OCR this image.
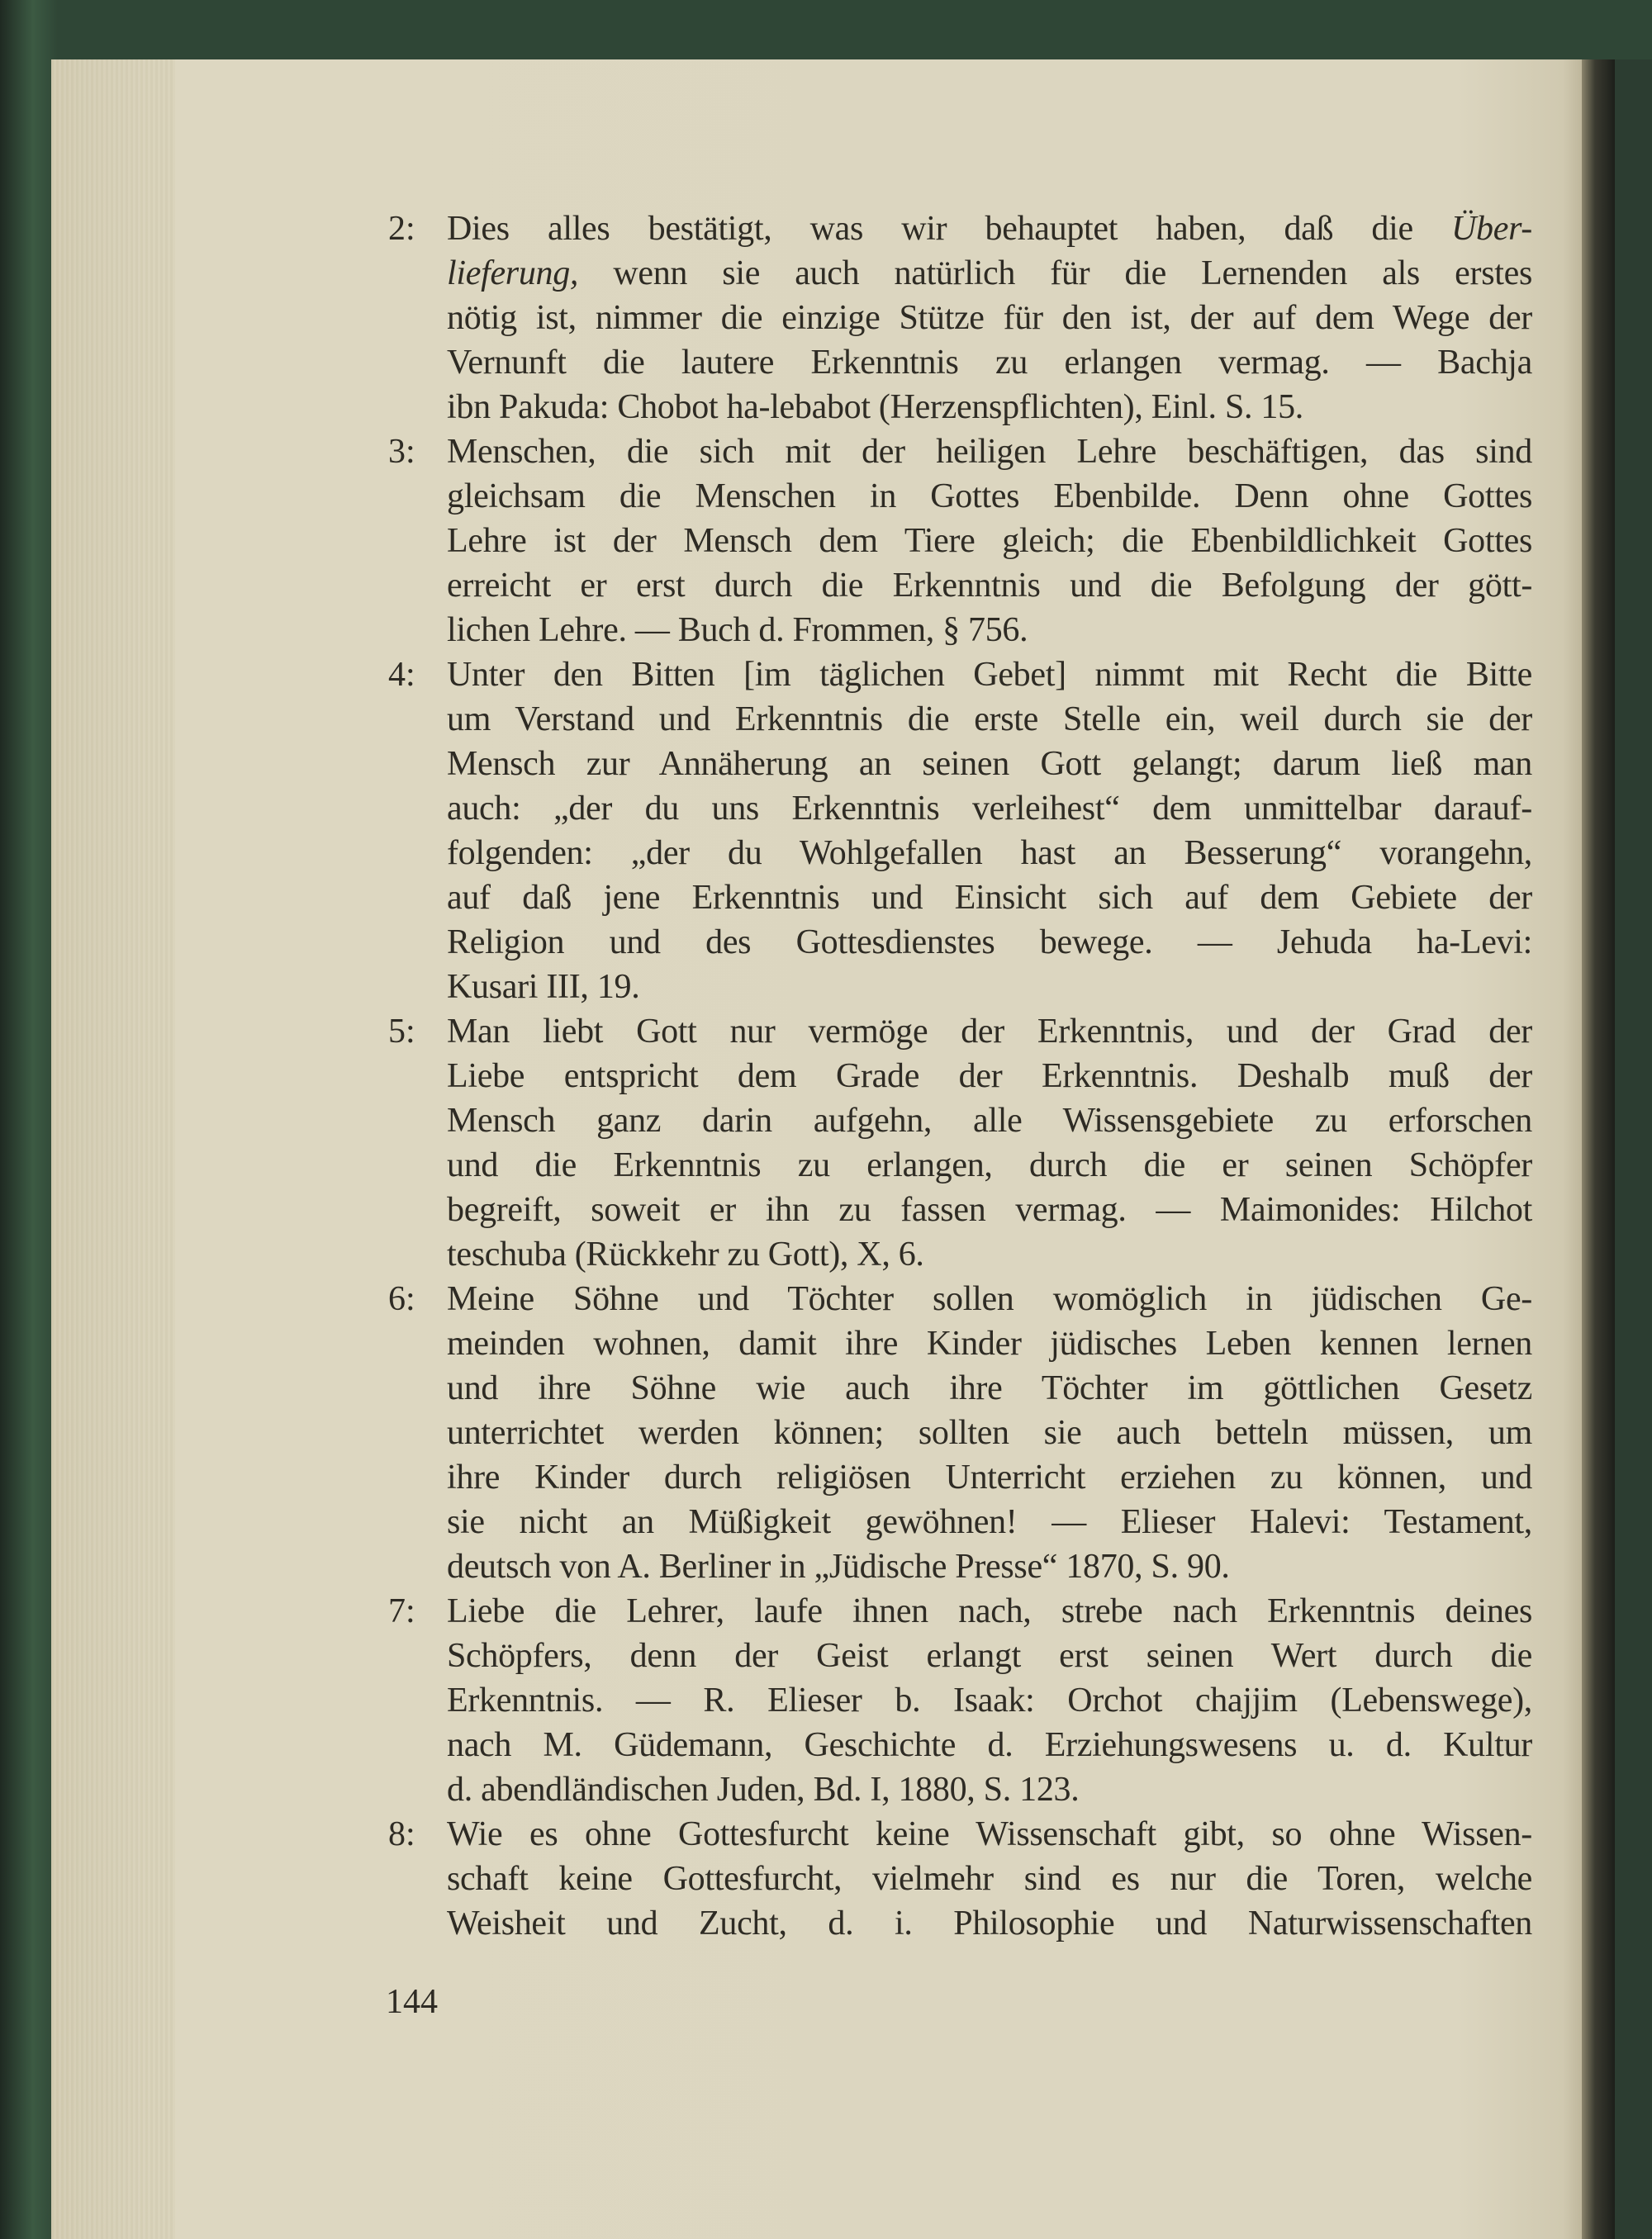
2: Dies alles bestätigt, was wir behauptet haben, daß die Über-
lieferung, wenn sie auch natürlich für die Lernenden als erstes
nötig ist, nimmer die einzige Stütze für den ist, der auf dem Wege der
Vernunft die lautere Erkenntnis zu erlangen vermag. — Bachja
ibn Pakuda: Chobot ha-lebabot (Herzenspflichten), Einl. S. 15.
3: Menschen, die sich mit der heiligen Lehre beschäftigen, das sind
gleichsam die Menschen in Gottes Ebenbilde. Denn ohne Gottes
Lehre ist der Mensch dem Tiere gleich; die Ebenbildlichkeit Gottes
erreicht er erst durch die Erkenntnis und die Befolgung der gött-
lichen Lehre. — Buch d. Frommen, § 756.
4: Unter den Bitten [im täglichen Gebet] nimmt mit Recht die Bitte
um Verstand und Erkenntnis die erste Stelle ein, weil durch sie der
Mensch zur Annäherung an seinen Gott gelangt; darum ließ man
auch: „der du uns Erkenntnis verleihest“ dem unmittelbar darauf-
folgenden: „der du Wohlgefallen hast an Besserung“ vorangehn,
auf daß jene Erkenntnis und Einsicht sich auf dem Gebiete der
Religion und des Gottesdienstes bewege. — Jehuda ha-Levi:
Kusari III, 19.
5: Man liebt Gott nur vermöge der Erkenntnis, und der Grad der
Liebe entspricht dem Grade der Erkenntnis. Deshalb muß der
Mensch ganz darin aufgehn, alle Wissensgebiete zu erforschen
und die Erkenntnis zu erlangen, durch die er seinen Schöpfer
begreift, soweit er ihn zu fassen vermag. — Maimonides: Hilchot
teschuba (Rückkehr zu Gott), X, 6.
6: Meine Söhne und Töchter sollen womöglich in jüdischen Ge-
meinden wohnen, damit ihre Kinder jüdisches Leben kennen lernen
und ihre Söhne wie auch ihre Töchter im göttlichen Gesetz
unterrichtet werden können; sollten sie auch betteln müssen, um
ihre Kinder durch religiösen Unterricht erziehen zu können, und
sie nicht an Müßigkeit gewöhnen! — Elieser Halevi: Testament,
deutsch von A. Berliner in „Jüdische Presse“ 1870, S. 90.
7: Liebe die Lehrer, laufe ihnen nach, strebe nach Erkenntnis deines
Schöpfers, denn der Geist erlangt erst seinen Wert durch die
Erkenntnis. — R. Elieser b. Isaak: Orchot chajjim (Lebenswege),
nach M. Güdemann, Geschichte d. Erziehungswesens u. d. Kultur
d. abendländischen Juden, Bd. I, 1880, S. 123.
8: Wie es ohne Gottesfurcht keine Wissenschaft gibt, so ohne Wissen-
schaft keine Gottesfurcht, vielmehr sind es nur die Toren, welche
Weisheit und Zucht, d. i. Philosophie und Naturwissenschaften
144
